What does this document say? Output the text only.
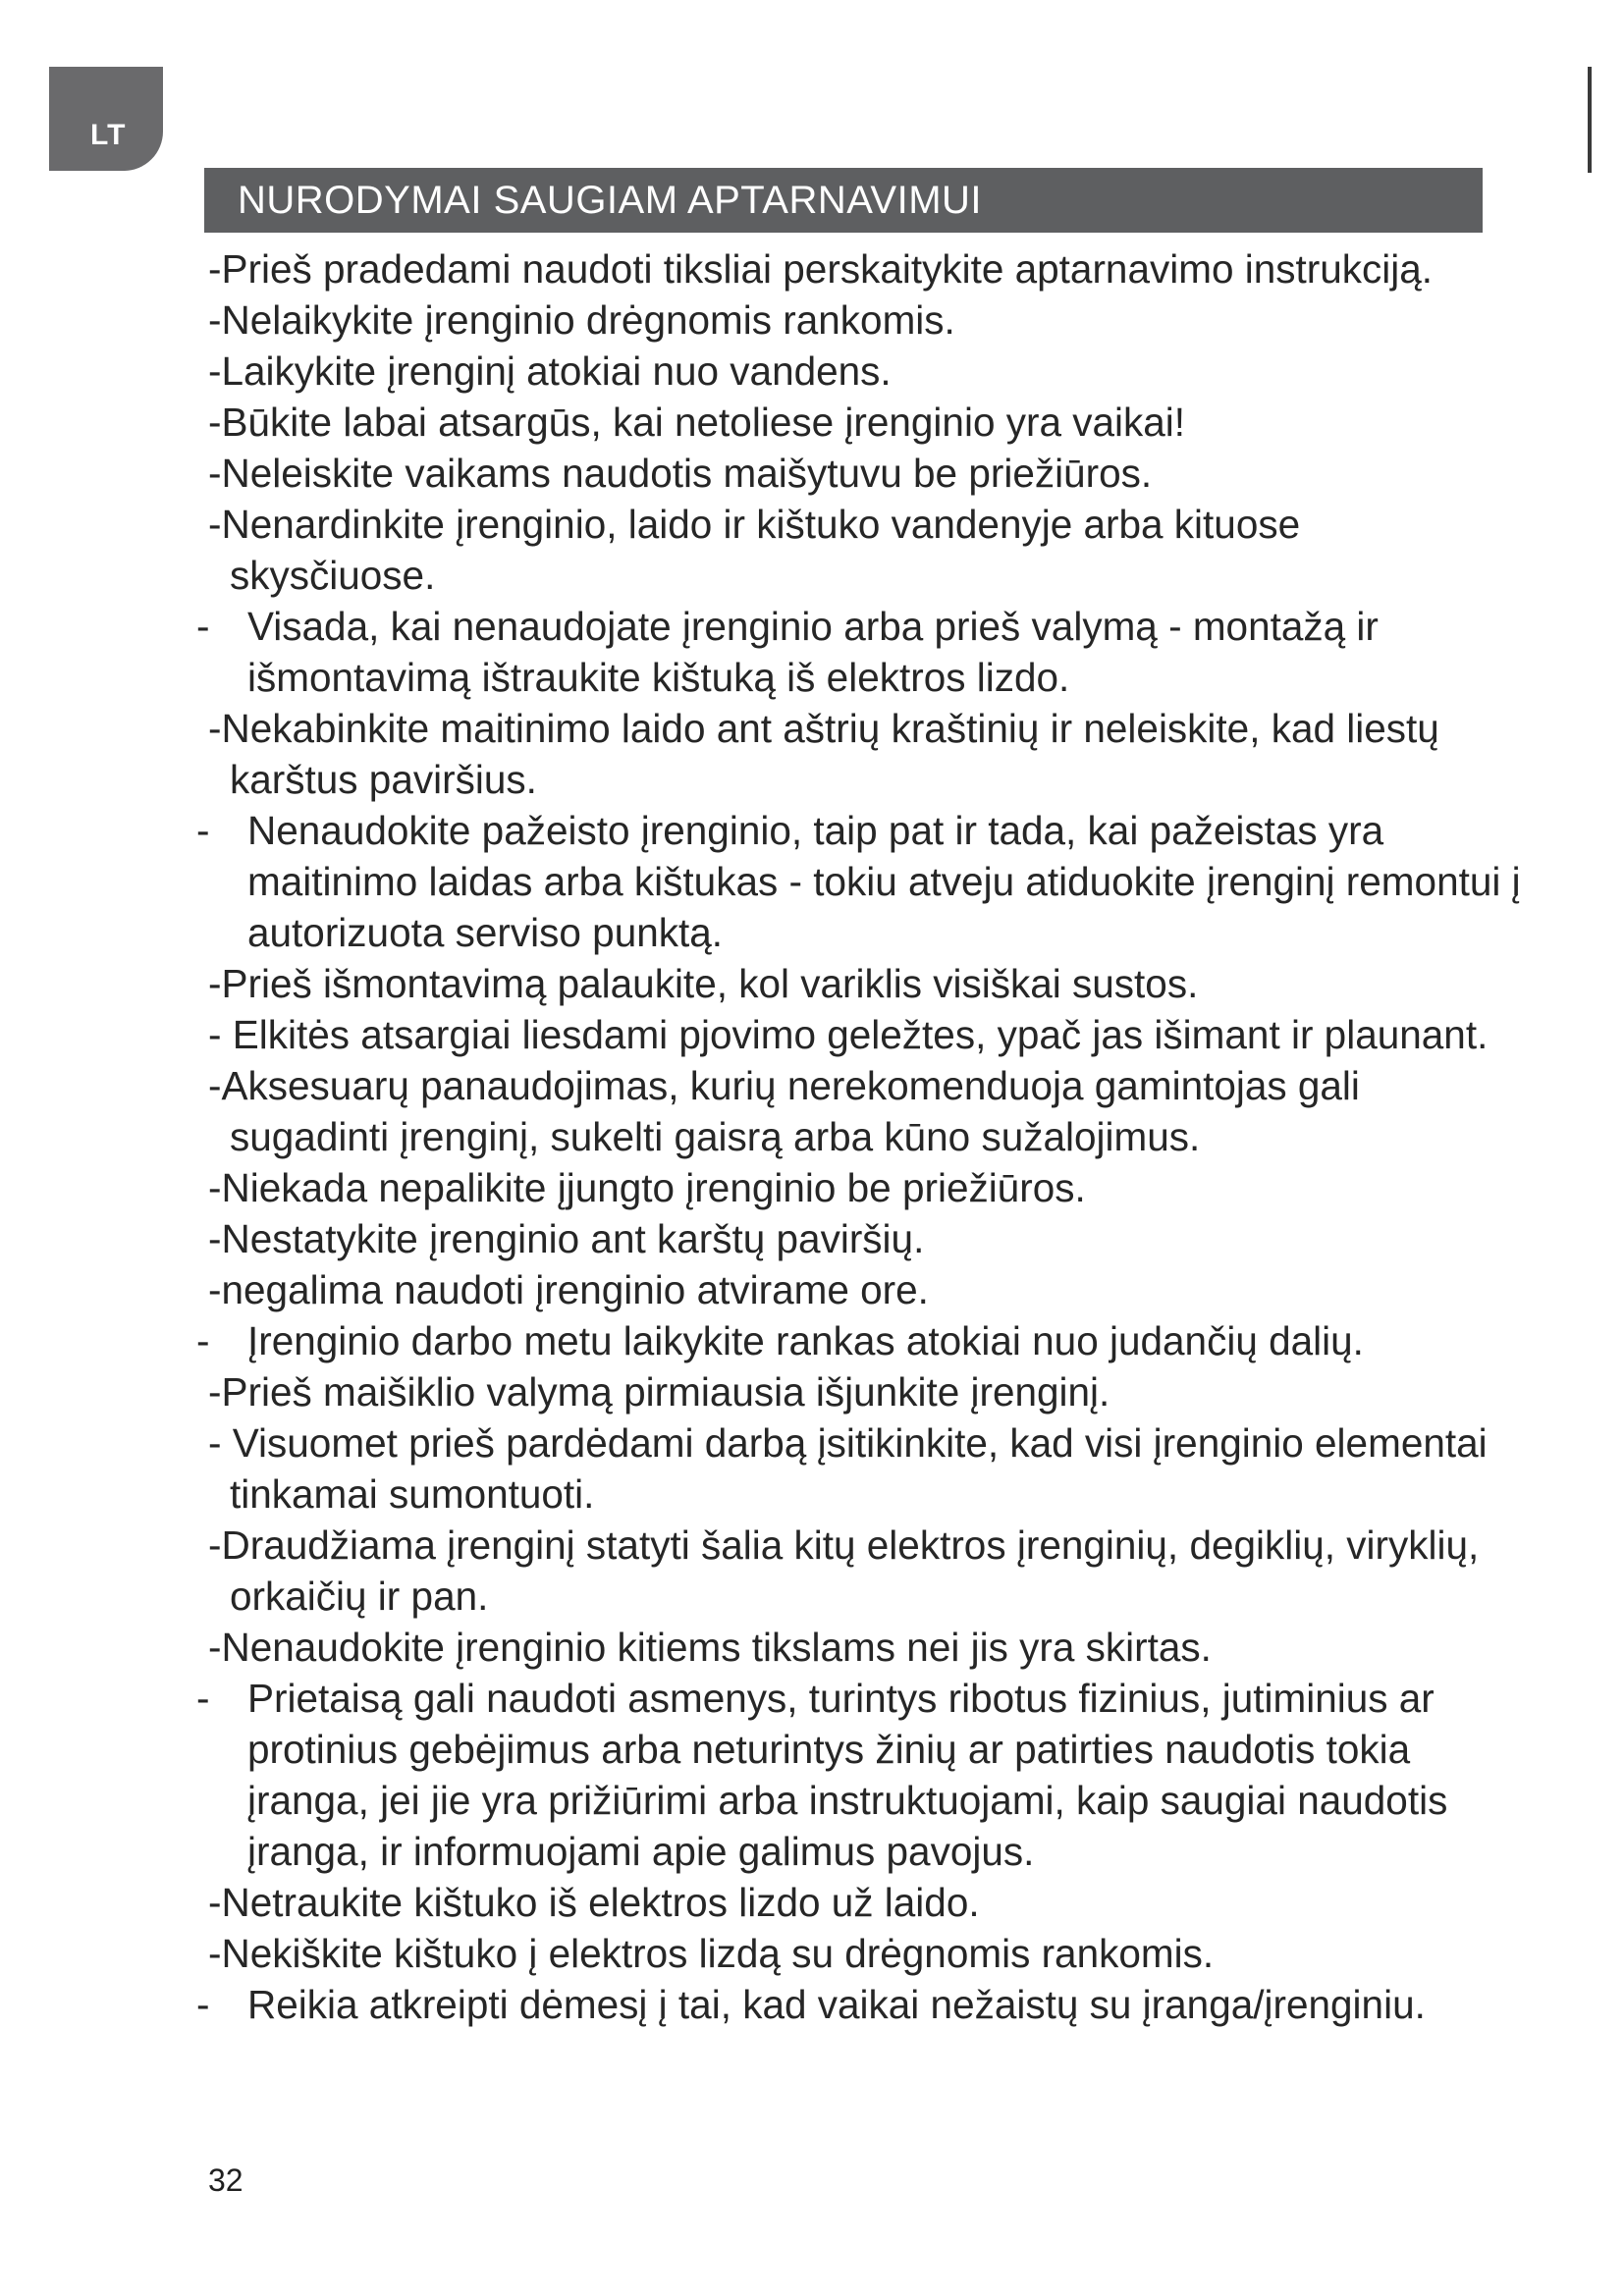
LT
NURODYMAI SAUGIAM APTARNAVIMUI
- Prieš pradedami naudoti tiksliai perskaitykite aptarnavimo instrukciją.
- Nelaikykite įrenginio drėgnomis rankomis.
- Laikykite įrenginį atokiai nuo vandens.
- Būkite labai atsargūs, kai netoliese įrenginio yra vaikai!
- Neleiskite vaikams naudotis maišytuvu be priežiūros.
- Nenardinkite įrenginio, laido ir kištuko vandenyje arba kituose skysčiuose.
- Visada, kai nenaudojate įrenginio arba prieš valymą - montažą ir išmontavimą ištraukite kištuką iš elektros lizdo.
- Nekabinkite maitinimo laido ant aštrių kraštinių ir neleiskite, kad liestų karštus paviršius.
- Nenaudokite pažeisto įrenginio, taip pat ir tada, kai pažeistas yra maitinimo laidas arba kištukas - tokiu atveju atiduokite įrenginį remontui į autorizuota serviso punktą.
- Prieš išmontavimą palaukite, kol variklis visiškai sustos.
- Elkitės atsargiai liesdami pjovimo geležtes, ypač jas išimant ir plaunant.
- Aksesuarų panaudojimas, kurių nerekomenduoja gamintojas gali sugadinti įrenginį, sukelti gaisrą arba kūno sužalojimus.
- Niekada nepalikite įjungto įrenginio be priežiūros.
- Nestatykite įrenginio ant karštų paviršių.
- negalima naudoti įrenginio atvirame ore.
- Įrenginio darbo metu laikykite rankas atokiai nuo judančių dalių.
- Prieš maišiklio valymą pirmiausia išjunkite įrenginį.
- Visuomet prieš pardėdami darbą įsitikinkite, kad visi įrenginio elementai tinkamai sumontuoti.
- Draudžiama įrenginį statyti šalia kitų elektros įrenginių, degiklių, viryklių, orkaičių ir pan.
- Nenaudokite įrenginio kitiems tikslams nei jis yra skirtas.
- Prietaisą gali naudoti asmenys, turintys ribotus fizinius, jutiminius ar protinius gebėjimus arba neturintys žinių ar patirties naudotis tokia įranga, jei jie yra prižiūrimi arba instruktuojami, kaip saugiai naudotis įranga, ir informuojami apie galimus pavojus.
- Netraukite kištuko iš elektros lizdo už laido.
- Nekiškite kištuko į elektros lizdą su drėgnomis rankomis.
- Reikia atkreipti dėmesį į tai, kad vaikai nežaistų su įranga/įrenginiu.
32
